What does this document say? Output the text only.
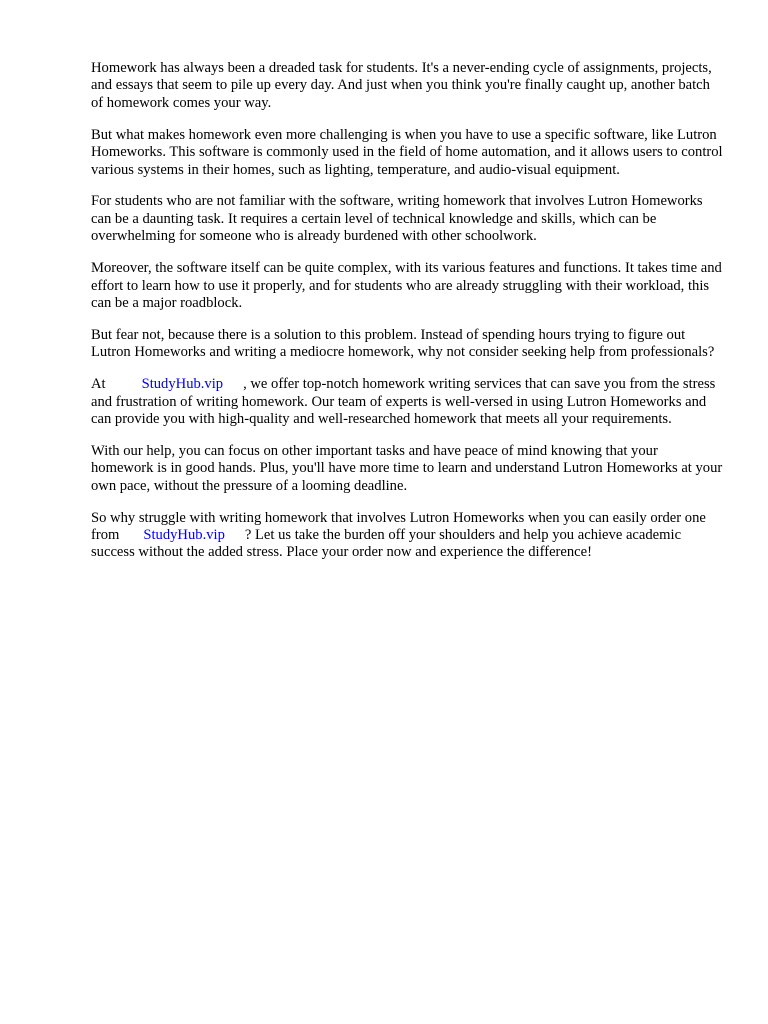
Homework has always been a dreaded task for students. It's a never-ending cycle of assignments, projects, and essays that seem to pile up every day. And just when you think you're finally caught up, another batch of homework comes your way.

But what makes homework even more challenging is when you have to use a specific software, like Lutron Homeworks. This software is commonly used in the field of home automation, and it allows users to control various systems in their homes, such as lighting, temperature, and audio-visual equipment.

For students who are not familiar with the software, writing homework that involves Lutron Homeworks can be a daunting task. It requires a certain level of technical knowledge and skills, which can be overwhelming for someone who is already burdened with other schoolwork.

Moreover, the software itself can be quite complex, with its various features and functions. It takes time and effort to learn how to use it properly, and for students who are already struggling with their workload, this can be a major roadblock.

But fear not, because there is a solution to this problem. Instead of spending hours trying to figure out Lutron Homeworks and writing a mediocre homework, why not consider seeking help from professionals?

At StudyHub.vip , we offer top-notch homework writing services that can save you from the stress and frustration of writing homework. Our team of experts is well-versed in using Lutron Homeworks and can provide you with high-quality and well-researched homework that meets all your requirements.

With our help, you can focus on other important tasks and have peace of mind knowing that your homework is in good hands. Plus, you'll have more time to learn and understand Lutron Homeworks at your own pace, without the pressure of a looming deadline.

So why struggle with writing homework that involves Lutron Homeworks when you can easily order one from StudyHub.vip ? Let us take the burden off your shoulders and help you achieve academic success without the added stress. Place your order now and experience the difference!
